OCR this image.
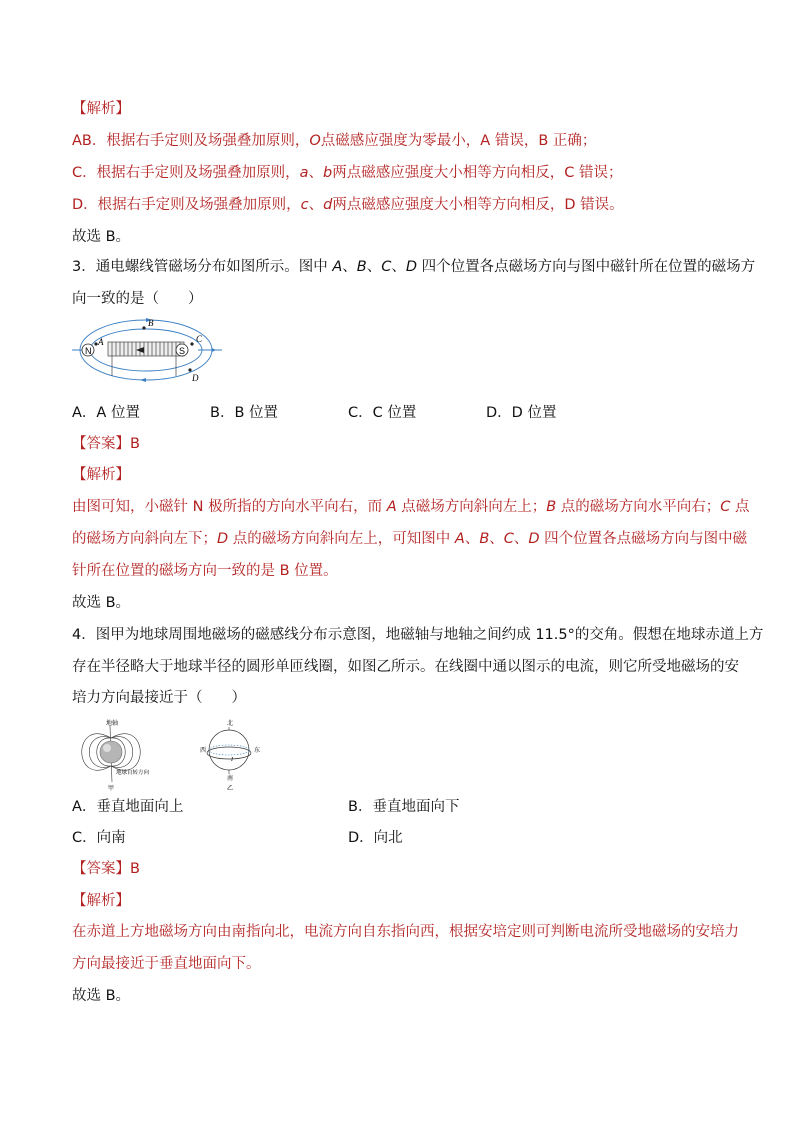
【解析】
AB．根据右手定则及场强叠加原则，O点磁感应强度为零最小，A 错误，B 正确；
C．根据右手定则及场强叠加原则，a、b两点磁感应强度大小相等方向相反，C 错误；
D．根据右手定则及场强叠加原则，c、d两点磁感应强度大小相等方向相反，D 错误。
故选 B。
3．通电螺线管磁场分布如图所示。图中 A、B、C、D 四个位置各点磁场方向与图中磁针所在位置的磁场方
向一致的是（　　）
N	S
A
B
C
D
A．A 位置	B．B 位置	C．C 位置	D．D 位置
【答案】B
【解析】
由图可知，小磁针 N 极所指的方向水平向右，而 A 点磁场方向斜向左上；B 点的磁场方向水平向右；C 点
的磁场方向斜向左下；D 点的磁场方向斜向左上，可知图中 A、B、C、D 四个位置各点磁场方向与图中磁
针所在位置的磁场方向一致的是 B 位置。
故选 B。
4．图甲为地球周围地磁场的磁感线分布示意图，地磁轴与地轴之间约成 11.5°的交角。假想在地球赤道上方
存在半径略大于地球半径的圆形单匝线圈，如图乙所示。在线圈中通以图示的电流，则它所受地磁场的安
培力方向最接近于（　　）
地轴
地球自转方向
甲
北
西	东
I
南
乙
A．垂直地面向上	B．垂直地面向下
C．向南	D．向北
【答案】B
【解析】
在赤道上方地磁场方向由南指向北，电流方向自东指向西，根据安培定则可判断电流所受地磁场的安培力
方向最接近于垂直地面向下。
故选 B。
